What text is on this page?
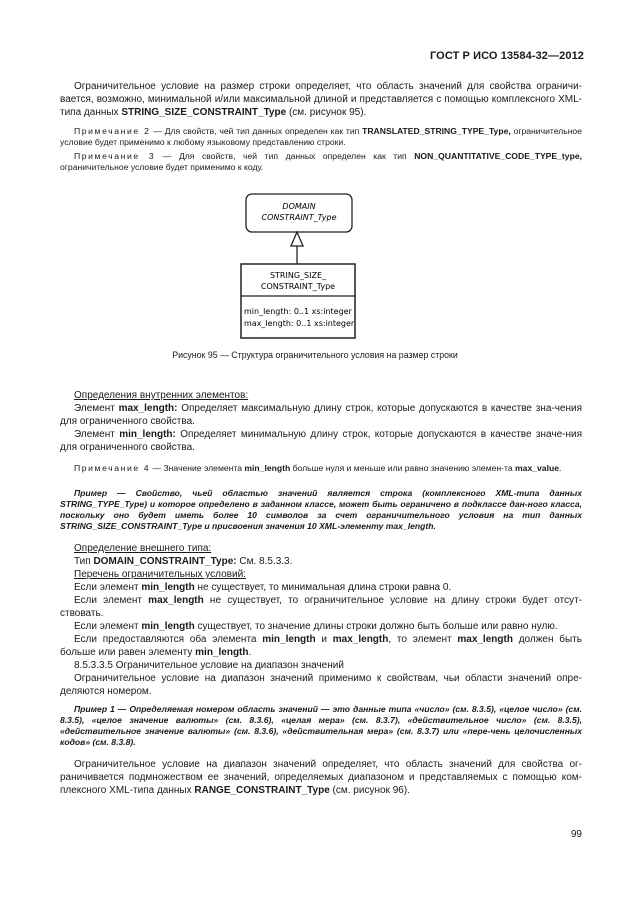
ГОСТ Р ИСО 13584-32—2012

Ограничительное условие на размер строки определяет, что область значений для свойства ограничи-вается, возможно, минимальной и/или максимальной длиной и представляется с помощью комплексного XML-типа данных STRING_SIZE_CONSTRAINT_Type (см. рисунок 95).

Примечание 2 — Для свойств, чей тип данных определен как тип TRANSLATED_STRING_TYPE_Type, ограничительное условие будет применимо к любому языковому представлению строки.

Примечание 3 — Для свойств, чей тип данных определен как тип NON_QUANTITATIVE_CODE_TYPE_type, ограничительное условие будет применимо к коду.

DOMAIN
CONSTRAINT_Type
STRING_SIZE_
CONSTRAINT_Type
min_length: 0..1 xs:integer
max_length: 0..1 xs:integer
Рисунок 95 — Структура ограничительного условия на размер строки

Определения внутренних элементов:

Элемент max_length: Определяет максимальную длину строк, которые допускаются в качестве зна-чения для ограниченного свойства.

Элемент min_length: Определяет минимальную длину строк, которые допускаются в качестве значе-ния для ограниченного свойства.

Примечание 4 — Значение элемента min_length больше нуля и меньше или равно значению элемен-та max_value.

Пример — Свойство, чьей областью значений является строка (комплексного XML-типа данных STRING_TYPE_Type) и которое определено в заданном классе, может быть ограничено в подклассе дан-ного класса, поскольку оно будет иметь более 10 символов за счет ограничительного условия на тип данных STRING_SIZE_CONSTRAINT_Type и присвоения значения 10 XML-элементу max_length.

Определение внешнего типа:

Тип DOMAIN_CONSTRAINT_Type: См. 8.5.3.3.

Перечень ограничительных условий:

Если элемент min_length не существует, то минимальная длина строки равна 0.

Если элемент max_length не существует, то ограничительное условие на длину строки будет отсут-ствовать.

Если элемент min_length существует, то значение длины строки должно быть больше или равно нулю.

Если предоставляются оба элемента min_length и max_length, то элемент max_length должен быть больше или равен элементу min_length.

8.5.3.3.5 Ограничительное условие на диапазон значений

Ограничительное условие на диапазон значений применимо к свойствам, чьи области значений опре-деляются номером.

Пример 1 — Определяемая номером область значений — это данные типа «число» (см. 8.3.5), «целое число» (см. 8.3.5), «целое значение валюты» (см. 8.3.6), «целая мера» (см. 8.3.7), «действительное число» (см. 8.3.5), «действительное значение валюты» (см. 8.3.6), «действительная мера» (см. 8.3.7) или «пере-чень целочисленных кодов» (см. 8.3.8).

Ограничительное условие на диапазон значений определяет, что область значений для свойства ог-раничивается подмножеством ее значений, определяемых диапазоном и представляемых с помощью ком-плексного XML-типа данных RANGE_CONSTRAINT_Type (см. рисунок 96).

99
